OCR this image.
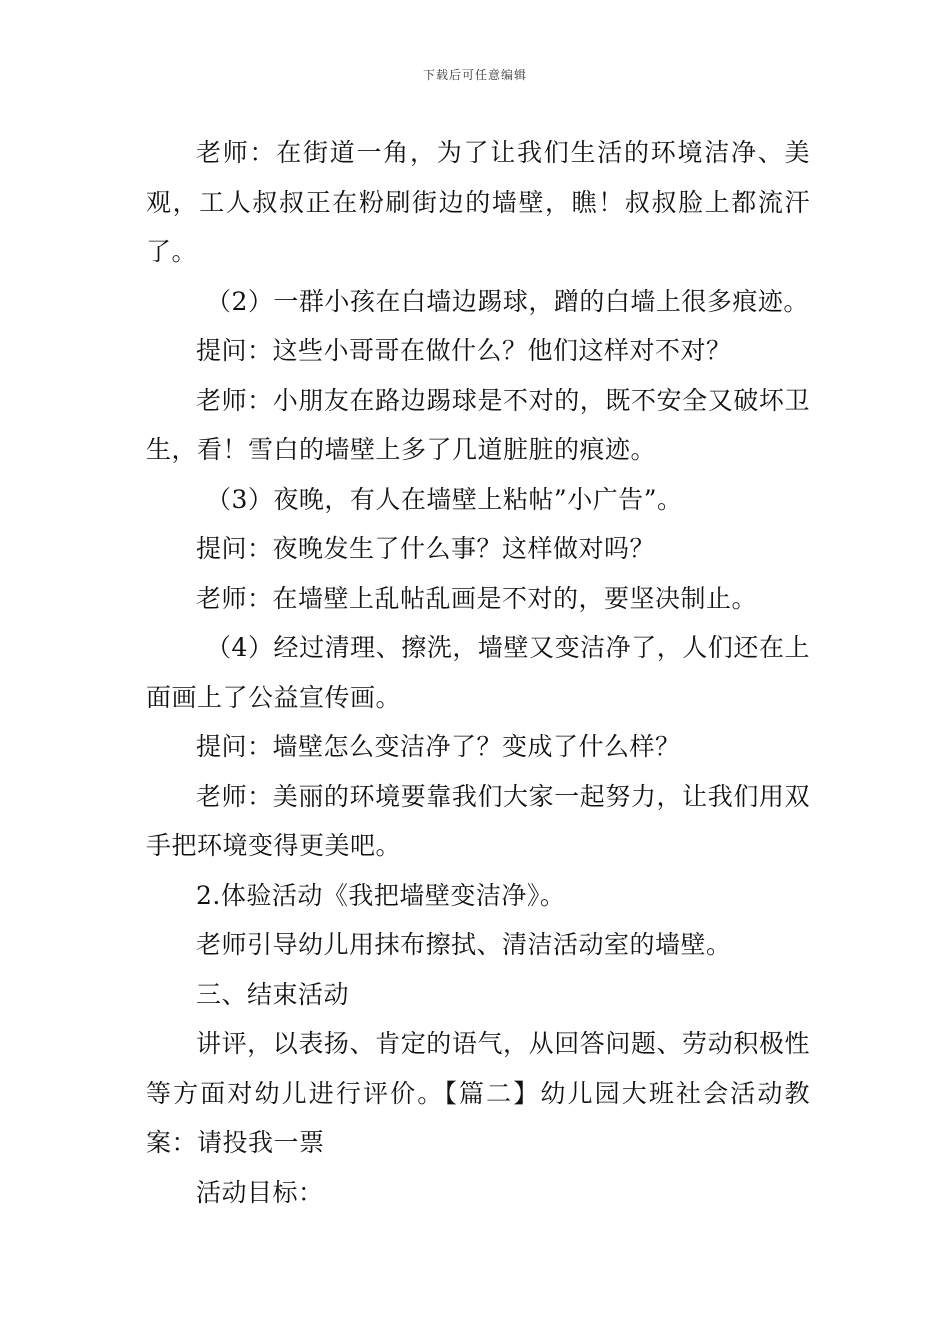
下载后可任意编辑

老师：在街道一角，为了让我们生活的环境洁净、美观，工人叔叔正在粉刷街边的墙壁，瞧！叔叔脸上都流汗了。

（2）一群小孩在白墙边踢球，蹭的白墙上很多痕迹。

提问：这些小哥哥在做什么？他们这样对不对？

老师：小朋友在路边踢球是不对的，既不安全又破坏卫生，看！雪白的墙壁上多了几道脏脏的痕迹。

（3）夜晚，有人在墙壁上粘帖”小广告”。

提问：夜晚发生了什么事？这样做对吗？

老师：在墙壁上乱帖乱画是不对的，要坚决制止。

（4）经过清理、擦洗，墙壁又变洁净了，人们还在上面画上了公益宣传画。

提问：墙壁怎么变洁净了？变成了什么样？

老师：美丽的环境要靠我们大家一起努力，让我们用双手把环境变得更美吧。

2.体验活动《我把墙壁变洁净》。

老师引导幼儿用抹布擦拭、清洁活动室的墙壁。

三、结束活动

讲评，以表扬、肯定的语气，从回答问题、劳动积极性等方面对幼儿进行评价。【篇二】幼儿园大班社会活动教案：请投我一票

活动目标：
